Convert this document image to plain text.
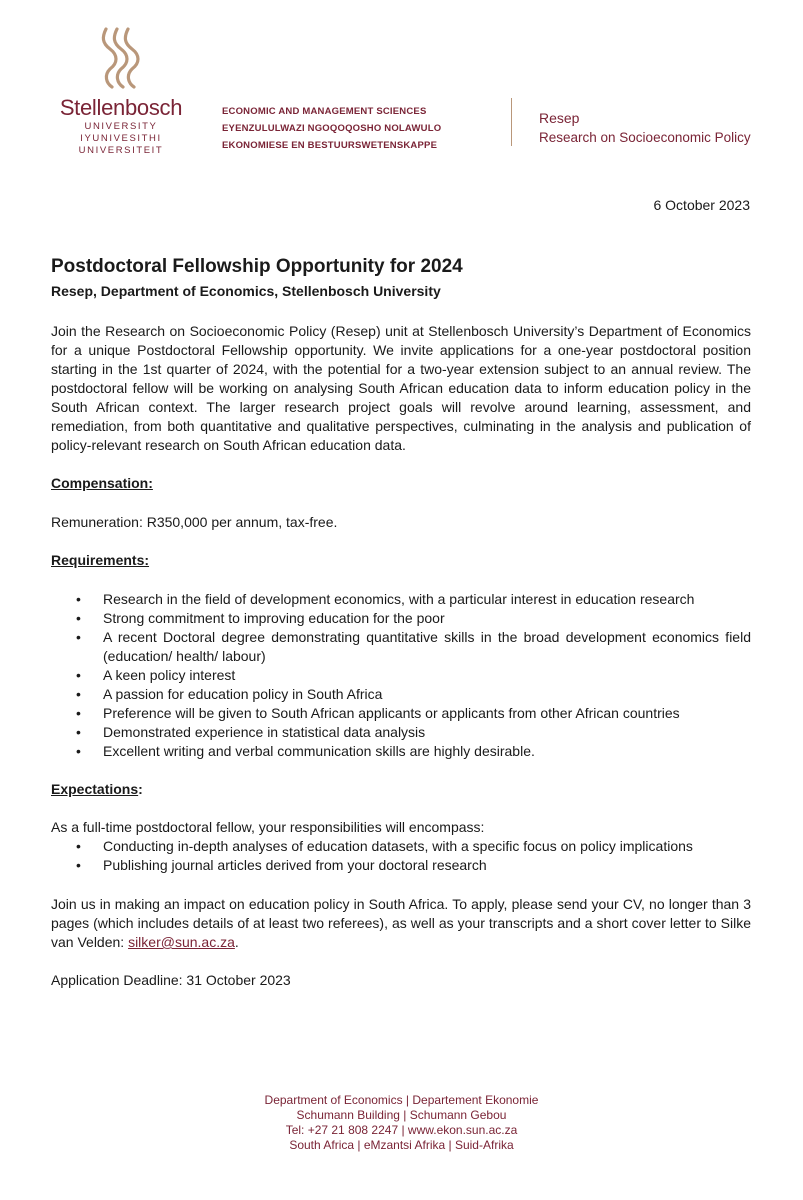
Stellenbosch
UNIVERSITY
IYUNIVESITHI
UNIVERSITEIT
ECONOMIC AND MANAGEMENT SCIENCES
EYENZULULWAZI NGOQOQOSHO NOLAWULO
EKONOMIESE EN BESTUURSWETENSKAPPE
Resep
Research on Socioeconomic Policy
6 October 2023
Postdoctoral Fellowship Opportunity for 2024
Resep, Department of Economics, Stellenbosch University

Join the Research on Socioeconomic Policy (Resep) unit at Stellenbosch University’s Department of Economics for a unique Postdoctoral Fellowship opportunity. We invite applications for a one-year postdoctoral position starting in the 1st quarter of 2024, with the potential for a two-year extension subject to an annual review. The postdoctoral fellow will be working on analysing South African education data to inform education policy in the South African context. The larger research project goals will revolve around learning, assessment, and remediation, from both quantitative and qualitative perspectives, culminating in the analysis and publication of policy-relevant research on South African education data.

Compensation:

Remuneration: R350,000 per annum, tax-free.

Requirements:
• Research in the field of development economics, with a particular interest in education research
• Strong commitment to improving education for the poor
• A recent Doctoral degree demonstrating quantitative skills in the broad development economics field (education/ health/ labour)
• A keen policy interest
• A passion for education policy in South Africa
• Preference will be given to South African applicants or applicants from other African countries
• Demonstrated experience in statistical data analysis
• Excellent writing and verbal communication skills are highly desirable.
Expectations:

As a full-time postdoctoral fellow, your responsibilities will encompass:

• Conducting in-depth analyses of education datasets, with a specific focus on policy implications
• Publishing journal articles derived from your doctoral research

Join us in making an impact on education policy in South Africa. To apply, please send your CV, no longer than 3 pages (which includes details of at least two referees), as well as your transcripts and a short cover letter to Silke van Velden: silker@sun.ac.za.

Application Deadline: 31 October 2023

Department of Economics | Departement Ekonomie
Schumann Building | Schumann Gebou
Tel: +27 21 808 2247 | www.ekon.sun.ac.za
South Africa | eMzantsi Afrika | Suid-Afrika
